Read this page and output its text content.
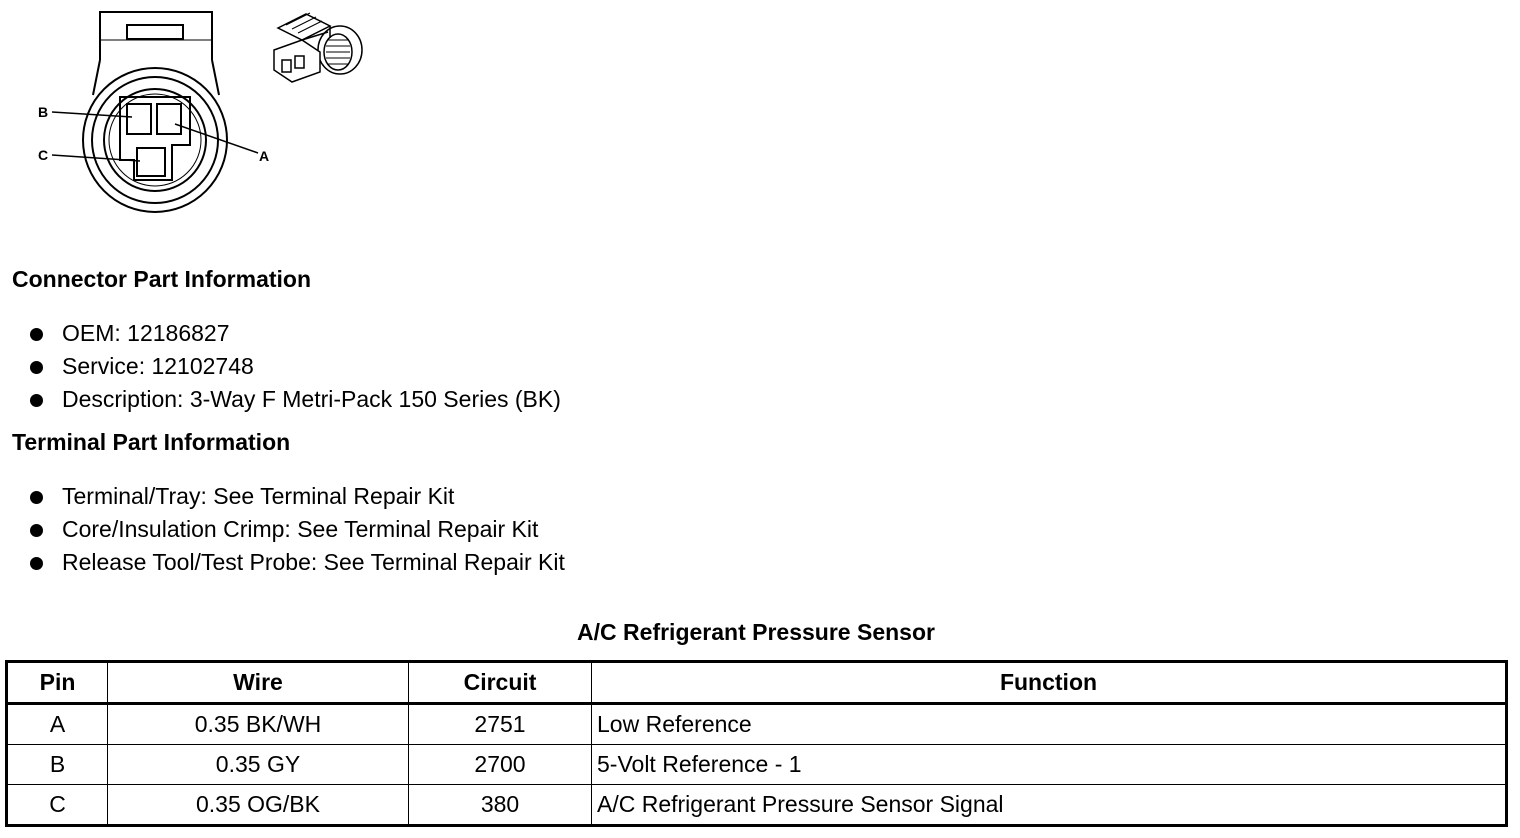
B
C	A
Connector Part Information
OEM: 12186827
Service: 12102748
Description: 3-Way F Metri-Pack 150 Series (BK)
Terminal Part Information
Terminal/Tray: See Terminal Repair Kit
Core/Insulation Crimp: See Terminal Repair Kit
Release Tool/Test Probe: See Terminal Repair Kit
A/C Refrigerant Pressure Sensor
Pin	Wire	Circuit	Function
A	0.35 BK/WH	2751	Low Reference
B	0.35 GY	2700	5-Volt Reference - 1
C	0.35 OG/BK	380	A/C Refrigerant Pressure Sensor Signal
